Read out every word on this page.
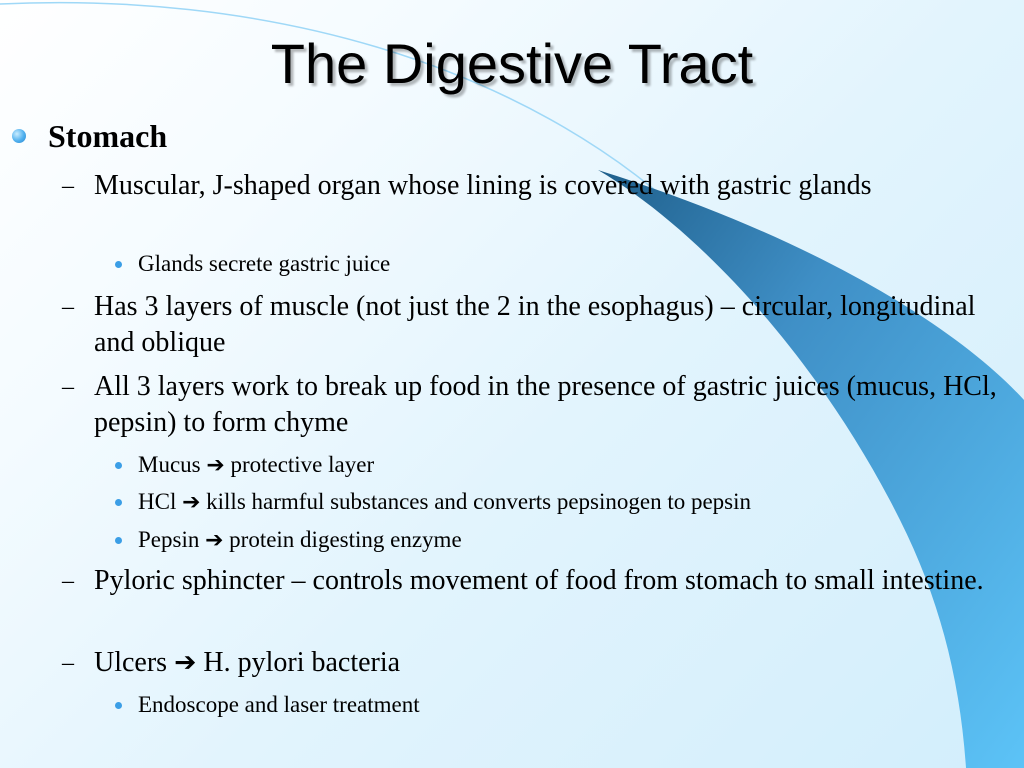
The Digestive Tract
Stomach
– Muscular, J-shaped organ whose lining is covered with gastric glands
Glands secrete gastric juice
– Has 3 layers of muscle (not just the 2 in the esophagus) – circular, longitudinal and oblique
– All 3 layers work to break up food in the presence of gastric juices (mucus, HCl, pepsin) to form chyme
Mucus ➔ protective layer
HCl ➔ kills harmful substances and converts pepsinogen to pepsin
Pepsin ➔ protein digesting enzyme
– Pyloric sphincter – controls movement of food from stomach to small intestine.
– Ulcers ➔ H. pylori bacteria
Endoscope and laser treatment
